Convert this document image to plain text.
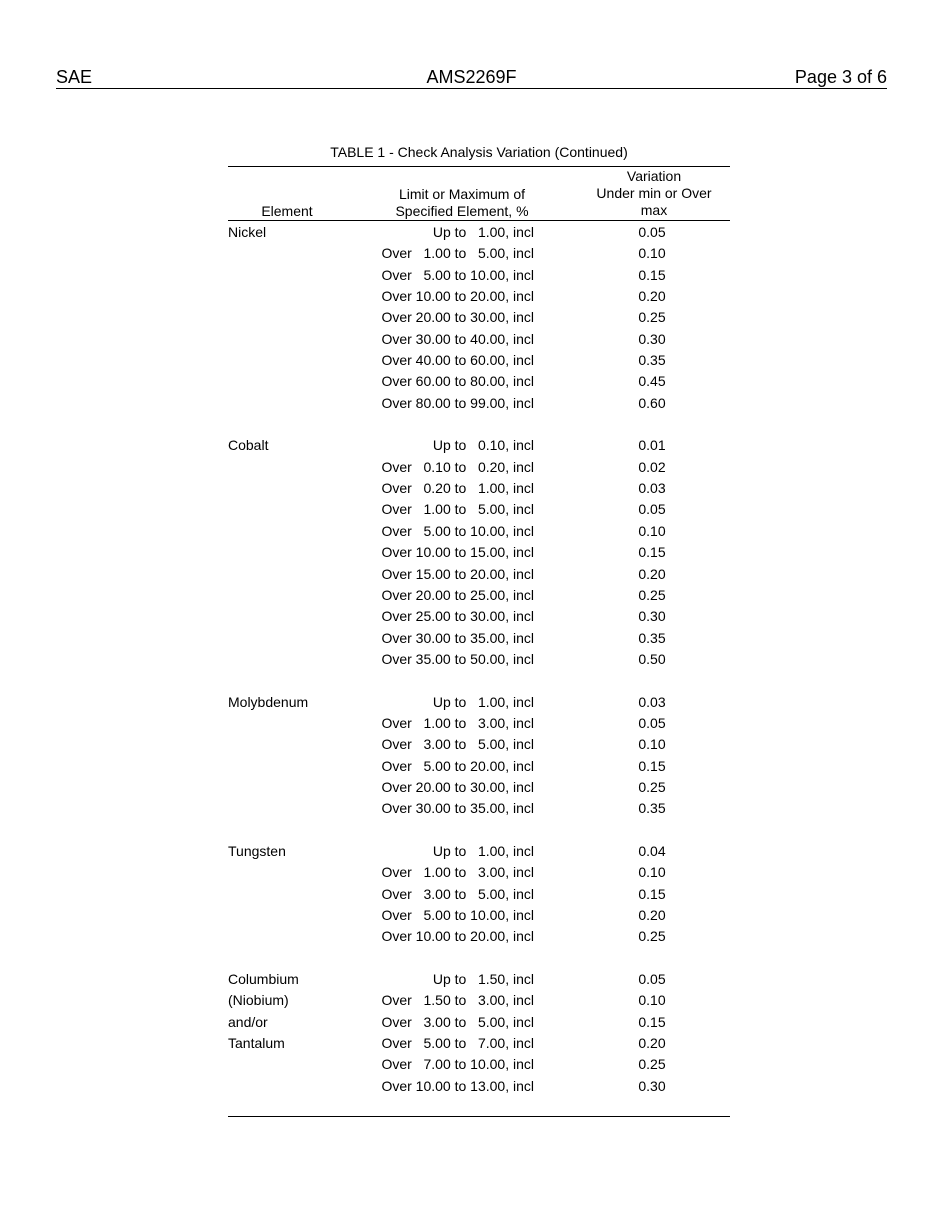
SAE	AMS2269F	Page 3 of 6
TABLE 1 - Check Analysis Variation (Continued)
Element
Limit or Maximum of
Specified Element, %
Variation
Under min or Over
max
Nickel	Up to   1.00, incl	0.05
Over   1.00 to   5.00, incl	0.10
Over   5.00 to 10.00, incl	0.15
Over 10.00 to 20.00, incl	0.20
Over 20.00 to 30.00, incl	0.25
Over 30.00 to 40.00, incl	0.30
Over 40.00 to 60.00, incl	0.35
Over 60.00 to 80.00, incl	0.45
Over 80.00 to 99.00, incl	0.60
Cobalt	Up to   0.10, incl	0.01
Over   0.10 to   0.20, incl	0.02
Over   0.20 to   1.00, incl	0.03
Over   1.00 to   5.00, incl	0.05
Over   5.00 to 10.00, incl	0.10
Over 10.00 to 15.00, incl	0.15
Over 15.00 to 20.00, incl	0.20
Over 20.00 to 25.00, incl	0.25
Over 25.00 to 30.00, incl	0.30
Over 30.00 to 35.00, incl	0.35
Over 35.00 to 50.00, incl	0.50
Molybdenum	Up to   1.00, incl	0.03
Over   1.00 to   3.00, incl	0.05
Over   3.00 to   5.00, incl	0.10
Over   5.00 to 20.00, incl	0.15
Over 20.00 to 30.00, incl	0.25
Over 30.00 to 35.00, incl	0.35
Tungsten	Up to   1.00, incl	0.04
Over   1.00 to   3.00, incl	0.10
Over   3.00 to   5.00, incl	0.15
Over   5.00 to 10.00, incl	0.20
Over 10.00 to 20.00, incl	0.25
Columbium	Up to   1.50, incl	0.05
(Niobium)	Over   1.50 to   3.00, incl	0.10
and/or	Over   3.00 to   5.00, incl	0.15
Tantalum	Over   5.00 to   7.00, incl	0.20
Over   7.00 to 10.00, incl	0.25
Over 10.00 to 13.00, incl	0.30
